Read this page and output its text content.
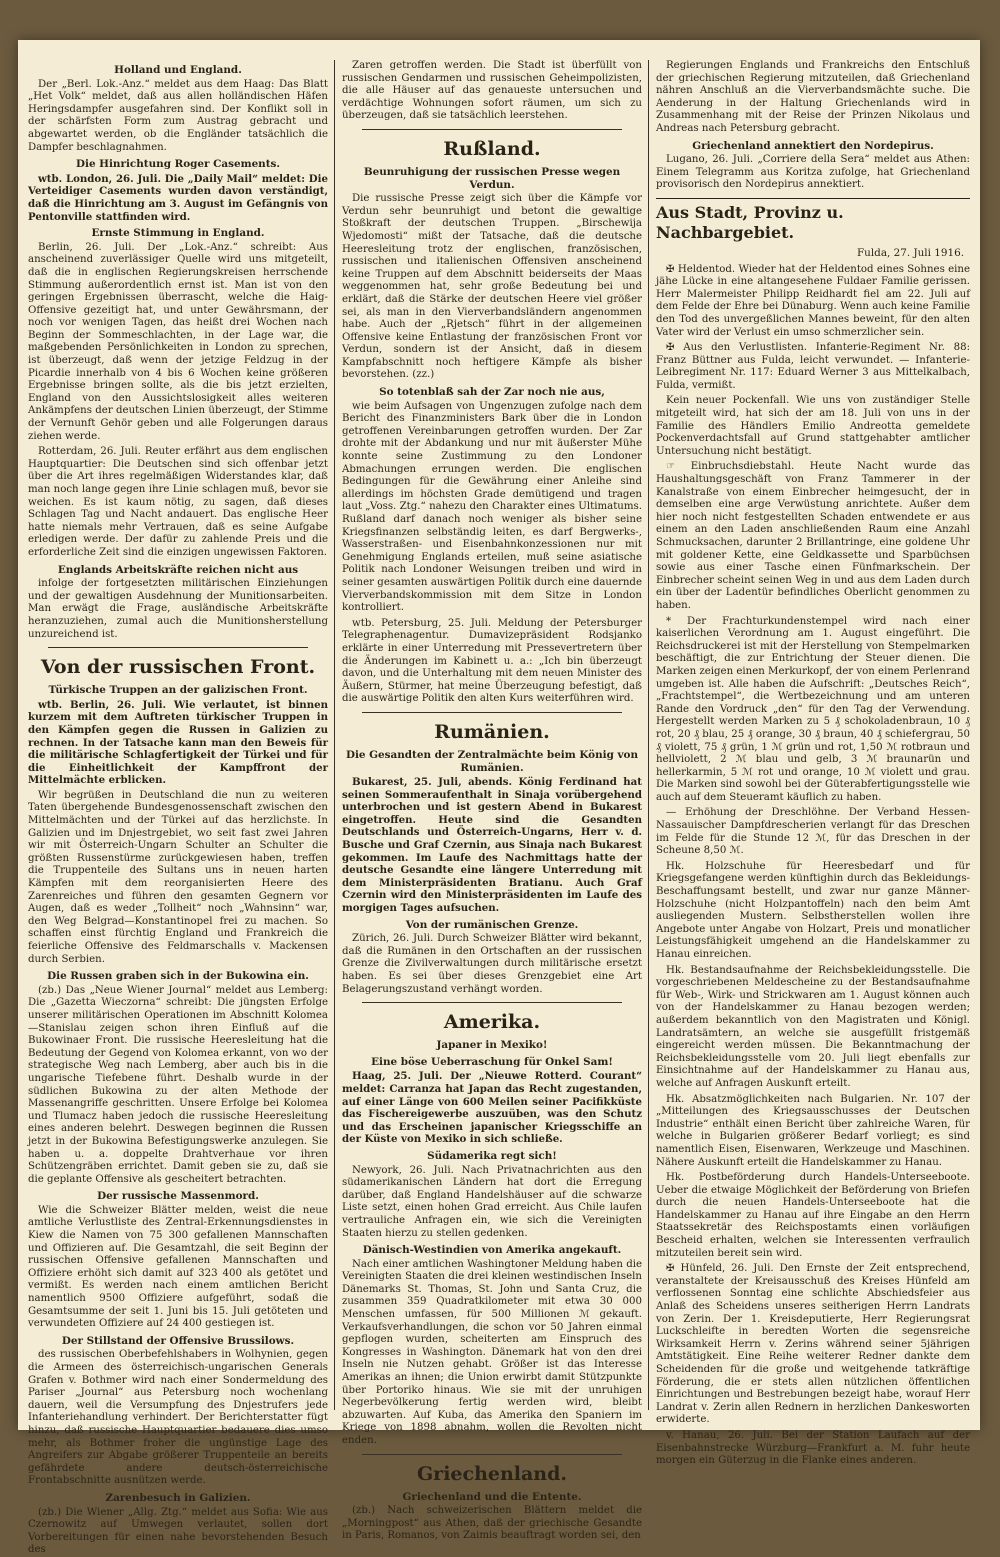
Holland und England.

Der „Berl. Lok.-Anz.“ meldet aus dem Haag: Das Blatt „Het Volk“ meldet, daß aus allen holländischen Häfen Heringsdampfer ausgefahren sind. Der Konflikt soll in der schärfsten Form zum Austrag gebracht und abgewartet werden, ob die Engländer tatsächlich die Dampfer beschlagnahmen.

Die Hinrichtung Roger Casements.

wtb. London, 26. Juli. Die „Daily Mail“ meldet: Die Verteidiger Casements wurden davon verständigt, daß die Hinrichtung am 3. August im Gefängnis von Pentonville stattfinden wird.

Ernste Stimmung in England.

Berlin, 26. Juli. Der „Lok.-Anz.“ schreibt: Aus anscheinend zuverlässiger Quelle wird uns mitgeteilt, daß die in englischen Regierungskreisen herrschende Stimmung außerordentlich ernst ist. Man ist von den geringen Ergebnissen überrascht, welche die Haig-Offensive gezeitigt hat, und unter Gewährsmann, der noch vor wenigen Tagen, das heißt drei Wochen nach Beginn der Sommeschlachten, in der Lage war, die maßgebenden Persönlichkeiten in London zu sprechen, ist überzeugt, daß wenn der jetzige Feldzug in der Picardie innerhalb von 4 bis 6 Wochen keine größeren Ergebnisse bringen sollte, als die bis jetzt erzielten, England von den Aussichtslosigkeit alles weiteren Ankämpfens der deutschen Linien überzeugt, der Stimme der Vernunft Gehör geben und alle Folgerungen daraus ziehen werde.

Rotterdam, 26. Juli. Reuter erfährt aus dem englischen Hauptquartier: Die Deutschen sind sich offenbar jetzt über die Art ihres regelmäßigen Widerstandes klar, daß man noch lange gegen ihre Linie schlagen muß, bevor sie weichen. Es ist kaum nötig, zu sagen, daß dieses Schlagen Tag und Nacht andauert. Das englische Heer hatte niemals mehr Vertrauen, daß es seine Aufgabe erledigen werde. Der dafür zu zahlende Preis und die erforderliche Zeit sind die einzigen ungewissen Faktoren.

Englands Arbeitskräfte reichen nicht aus

infolge der fortgesetzten militärischen Einziehungen und der gewaltigen Ausdehnung der Munitionsarbeiten. Man erwägt die Frage, ausländische Arbeitskräfte heranzuziehen, zumal auch die Munitionsherstellung unzureichend ist.

Von der russischen Front.
Türkische Truppen an der galizischen Front.

wtb. Berlin, 26. Juli. Wie verlautet, ist binnen kurzem mit dem Auftreten türkischer Truppen in den Kämpfen gegen die Russen in Galizien zu rechnen. In der Tatsache kann man den Beweis für die militärische Schlagfertigkeit der Türkei und für die Einheitlichkeit der Kampffront der Mittelmächte erblicken.

Wir begrüßen in Deutschland die nun zu weiteren Taten übergehende Bundesgenossenschaft zwischen den Mittelmächten und der Türkei auf das herzlichste. In Galizien und im Dnjestrgebiet, wo seit fast zwei Jahren wir mit Österreich-Ungarn Schulter an Schulter die größten Russenstürme zurückgewiesen haben, treffen die Truppenteile des Sultans uns in neuen harten Kämpfen mit dem reorganisierten Heere des Zarenreiches und führen den gesamten Gegnern vor Augen, daß es weder „Tollheit“ noch „Wahnsinn“ war, den Weg Belgrad—Konstantinopel frei zu machen. So schaffen einst fürchtig England und Frankreich die feierliche Offensive des Feldmarschalls v. Mackensen durch Serbien.

Die Russen graben sich in der Bukowina ein.

(zb.) Das „Neue Wiener Journal“ meldet aus Lemberg: Die „Gazetta Wieczorna“ schreibt: Die jüngsten Erfolge unserer militärischen Operationen im Abschnitt Kolomea—Stanislau zeigen schon ihren Einfluß auf die Bukowinaer Front. Die russische Heeresleitung hat die Bedeutung der Gegend von Kolomea erkannt, von wo der strategische Weg nach Lemberg, aber auch bis in die ungarische Tiefebene führt. Deshalb wurde in der südlichen Bukowina zu der alten Methode der Massenangriffe geschritten. Unsere Erfolge bei Kolomea und Tlumacz haben jedoch die russische Heeresleitung eines anderen belehrt. Deswegen beginnen die Russen jetzt in der Bukowina Befestigungswerke anzulegen. Sie haben u. a. doppelte Drahtverhaue vor ihren Schützengräben errichtet. Damit geben sie zu, daß sie die geplante Offensive als gescheitert betrachten.

Der russische Massenmord.

Wie die Schweizer Blätter melden, weist die neue amtliche Verlustliste des Zentral-Erkennungsdienstes in Kiew die Namen von 75 300 gefallenen Mannschaften und Offizieren auf. Die Gesamtzahl, die seit Beginn der russischen Offensive gefallenen Mannschaften und Offiziere erhöht sich damit auf 323 400 als getötet und vermißt. Es werden nach einem amtlichen Bericht namentlich 9500 Offiziere aufgeführt, sodaß die Gesamtsumme der seit 1. Juni bis 15. Juli getöteten und verwundeten Offiziere auf 24 400 gestiegen ist.

Der Stillstand der Offensive Brussilows.

des russischen Oberbefehlshabers in Wolhynien, gegen die Armeen des österreichisch-ungarischen Generals Grafen v. Bothmer wird nach einer Sondermeldung des Pariser „Journal“ aus Petersburg noch wochenlang dauern, weil die Versumpfung des Dnjestrufers jede Infanteriehandlung verhindert. Der Berichterstatter fügt hinzu, daß russische Hauptquartier bedauere dies umso mehr, als Bothmer froher die ungünstige Lage des Angreifers zur Abgabe größerer Truppenteile an bereits gefährdete andere deutsch-österreichische Frontabschnitte ausnützen werde.

Zarenbesuch in Galizien.

(zb.) Die Wiener „Allg. Ztg.“ meldet aus Sofia: Wie aus Czernowitz auf Umwegen verlautet, sollen dort Vorbereitungen für einen nahe bevorstehenden Besuch des

Zaren getroffen werden. Die Stadt ist überfüllt von russischen Gendarmen und russischen Geheimpolizisten, die alle Häuser auf das genaueste untersuchen und verdächtige Wohnungen sofort räumen, um sich zu überzeugen, daß sie tatsächlich leerstehen.

Rußland.
Beunruhigung der russischen Presse wegen Verdun.

Die russische Presse zeigt sich über die Kämpfe vor Verdun sehr beunruhigt und betont die gewaltige Stoßkraft der deutschen Truppen. „Birschewija Wjedomosti“ mißt der Tatsache, daß die deutsche Heeresleitung trotz der englischen, französischen, russischen und italienischen Offensiven anscheinend keine Truppen auf dem Abschnitt beiderseits der Maas weggenommen hat, sehr große Bedeutung bei und erklärt, daß die Stärke der deutschen Heere viel größer sei, als man in den Vierverbandsländern angenommen habe. Auch der „Rjetsch“ führt in der allgemeinen Offensive keine Entlastung der französischen Front vor Verdun, sondern ist der Ansicht, daß in diesem Kampfabschnitt noch heftigere Kämpfe als bisher bevorstehen. (zz.)

So totenblaß sah der Zar noch nie aus,

wie beim Aufsagen von Ungenzugen zufolge nach dem Bericht des Finanzministers Bark über die in London getroffenen Vereinbarungen getroffen wurden. Der Zar drohte mit der Abdankung und nur mit äußerster Mühe konnte seine Zustimmung zu den Londoner Abmachungen errungen werden. Die englischen Bedingungen für die Gewährung einer Anleihe sind allerdings im höchsten Grade demütigend und tragen laut „Voss. Ztg.“ nahezu den Charakter eines Ultimatums. Rußland darf danach noch weniger als bisher seine Kriegsfinanzen selbständig leiten, es darf Bergwerks-, Wasserstraßen- und Eisenbahnkonzessionen nur mit Genehmigung Englands erteilen, muß seine asiatische Politik nach Londoner Weisungen treiben und wird in seiner gesamten auswärtigen Politik durch eine dauernde Vierverbandskommission mit dem Sitze in London kontrolliert.

wtb. Petersburg, 25. Juli. Meldung der Petersburger Telegraphenagentur. Dumavizepräsident Rodsjanko erklärte in einer Unterredung mit Pressevertretern über die Änderungen im Kabinett u. a.: „Ich bin überzeugt davon, und die Unterhaltung mit dem neuen Minister des Äußern, Stürmer, hat meine Überzeugung befestigt, daß die auswärtige Politik den alten Kurs weiterführen wird.

Rumänien.
Die Gesandten der Zentralmächte beim König von Rumänien.

Bukarest, 25. Juli, abends. König Ferdinand hat seinen Sommeraufenthalt in Sinaja vorübergehend unterbrochen und ist gestern Abend in Bukarest eingetroffen. Heute sind die Gesandten Deutschlands und Österreich-Ungarns, Herr v. d. Busche und Graf Czernin, aus Sinaja nach Bukarest gekommen. Im Laufe des Nachmittags hatte der deutsche Gesandte eine längere Unterredung mit dem Ministerpräsidenten Bratianu. Auch Graf Czernin wird den Ministerpräsidenten im Laufe des morgigen Tages aufsuchen.

Von der rumänischen Grenze.

Zürich, 26. Juli. Durch Schweizer Blätter wird bekannt, daß die Rumänen in den Ortschaften an der russischen Grenze die Zivilverwaltungen durch militärische ersetzt haben. Es sei über dieses Grenzgebiet eine Art Belagerungszustand verhängt worden.

Amerika.
Japaner in Mexiko!
Eine böse Ueberraschung für Onkel Sam!

Haag, 25. Juli. Der „Nieuwe Rotterd. Courant“ meldet: Carranza hat Japan das Recht zugestanden, auf einer Länge von 600 Meilen seiner Pacifikküste das Fischereigewerbe auszuüben, was den Schutz und das Erscheinen japanischer Kriegsschiffe an der Küste von Mexiko in sich schließe.

Südamerika regt sich!

Newyork, 26. Juli. Nach Privatnachrichten aus den südamerikanischen Ländern hat dort die Erregung darüber, daß England Handelshäuser auf die schwarze Liste setzt, einen hohen Grad erreicht. Aus Chile laufen vertrauliche Anfragen ein, wie sich die Vereinigten Staaten hierzu zu stellen gedenken.

Dänisch-Westindien von Amerika angekauft.

Nach einer amtlichen Washingtoner Meldung haben die Vereinigten Staaten die drei kleinen westindischen Inseln Dänemarks St. Thomas, St. John und Santa Cruz, die zusammen 359 Quadratkilometer mit etwa 30 000 Menschen umfassen, für 500 Millionen ℳ gekauft. Verkaufsverhandlungen, die schon vor 50 Jahren einmal gepflogen wurden, scheiterten am Einspruch des Kongresses in Washington. Dänemark hat von den drei Inseln nie Nutzen gehabt. Größer ist das Interesse Amerikas an ihnen; die Union erwirbt damit Stützpunkte über Portoriko hinaus. Wie sie mit der unruhigen Negerbevölkerung fertig werden wird, bleibt abzuwarten. Auf Kuba, das Amerika den Spaniern im Kriege von 1898 abnahm, wollen die Revolten nicht enden.

Griechenland.
Griechenland und die Entente.

(zb.) Nach schweizerischen Blättern meldet die „Morningpost“ aus Athen, daß der griechische Gesandte in Paris, Romanos, von Zaimis beauftragt worden sei, den

Regierungen Englands und Frankreichs den Entschluß der griechischen Regierung mitzuteilen, daß Griechenland nähren Anschluß an die Vierverbandsmächte suche. Die Aenderung in der Haltung Griechenlands wird in Zusammenhang mit der Reise der Prinzen Nikolaus und Andreas nach Petersburg gebracht.

Griechenland annektiert den Nordepirus.

Lugano, 26. Juli. „Corriere della Sera“ meldet aus Athen: Einem Telegramm aus Koritza zufolge, hat Griechenland provisorisch den Nordepirus annektiert.

Aus Stadt, Provinz u. Nachbargebiet.
Fulda, 27. Juli 1916.

✠ Heldentod. Wieder hat der Heldentod eines Sohnes eine jähe Lücke in eine altangesehene Fuldaer Familie gerissen. Herr Malermeister Philipp Reidhardt fiel am 22. Juli auf dem Felde der Ehre bei Dünaburg. Wenn auch keine Familie den Tod des unvergeßlichen Mannes beweint, für den alten Vater wird der Verlust ein umso schmerzlicher sein.

✠ Aus den Verlustlisten. Infanterie-Regiment Nr. 88: Franz Büttner aus Fulda, leicht verwundet. — Infanterie-Leibregiment Nr. 117: Eduard Werner 3 aus Mittelkalbach, Fulda, vermißt.

Kein neuer Pockenfall. Wie uns von zuständiger Stelle mitgeteilt wird, hat sich der am 18. Juli von uns in der Familie des Händlers Emilio Andreotta gemeldete Pockenverdachtsfall auf Grund stattgehabter amtlicher Untersuchung nicht bestätigt.

☞ Einbruchsdiebstahl. Heute Nacht wurde das Haushaltungsgeschäft von Franz Tammerer in der Kanalstraße von einem Einbrecher heimgesucht, der in demselben eine arge Verwüstung anrichtete. Außer dem hier noch nicht festgestellten Schaden entwendete er aus einem an den Laden anschließenden Raum eine Anzahl Schmucksachen, darunter 2 Brillantringe, eine goldene Uhr mit goldener Kette, eine Geldkassette und Sparbüchsen sowie aus einer Tasche einen Fünfmarkschein. Der Einbrecher scheint seinen Weg in und aus dem Laden durch ein über der Ladentür befindliches Oberlicht genommen zu haben.

* Der Frachturkundenstempel wird nach einer kaiserlichen Verordnung am 1. August eingeführt. Die Reichsdruckerei ist mit der Herstellung von Stempelmarken beschäftigt, die zur Entrichtung der Steuer dienen. Die Marken zeigen einen Merkurkopf, der von einem Perlenrand umgeben ist. Alle haben die Aufschrift: „Deutsches Reich“, „Frachtstempel“, die Wertbezeichnung und am unteren Rande den Vordruck „den“ für den Tag der Verwendung. Hergestellt werden Marken zu 5 ₰ schokoladenbraun, 10 ₰ rot, 20 ₰ blau, 25 ₰ orange, 30 ₰ braun, 40 ₰ schiefergrau, 50 ₰ violett, 75 ₰ grün, 1 ℳ grün und rot, 1,50 ℳ rotbraun und hellviolett, 2 ℳ blau und gelb, 3 ℳ braunarün und hellerkarmin, 5 ℳ rot und orange, 10 ℳ violett und grau. Die Marken sind sowohl bei der Güterabfertigungsstelle wie auch auf dem Steueramt käuflich zu haben.

— Erhöhung der Dreschlöhne. Der Verband Hessen-Nassauischer Dampfdrescherien verlangt für das Dreschen im Felde für die Stunde 12 ℳ, für das Dreschen in der Scheune 8,50 ℳ.

Hk. Holzschuhe für Heeresbedarf und für Kriegsgefangene werden künftighin durch das Bekleidungs-Beschaffungsamt bestellt, und zwar nur ganze Männer-Holzschuhe (nicht Holzpantoffeln) nach den beim Amt ausliegenden Mustern. Selbstherstellen wollen ihre Angebote unter Angabe von Holzart, Preis und monatlicher Leistungsfähigkeit umgehend an die Handelskammer zu Hanau einreichen.

Hk. Bestandsaufnahme der Reichsbekleidungsstelle. Die vorgeschriebenen Meldescheine zu der Bestandsaufnahme für Web-, Wirk- und Strickwaren am 1. August können auch von der Handelskammer zu Hanau bezogen werden; außerdem bekanntlich von den Magistraten und Königl. Landratsämtern, an welche sie ausgefüllt fristgemäß eingereicht werden müssen. Die Bekanntmachung der Reichsbekleidungsstelle vom 20. Juli liegt ebenfalls zur Einsichtnahme auf der Handelskammer zu Hanau aus, welche auf Anfragen Auskunft erteilt.

Hk. Absatzmöglichkeiten nach Bulgarien. Nr. 107 der „Mitteilungen des Kriegsausschusses der Deutschen Industrie“ enthält einen Bericht über zahlreiche Waren, für welche in Bulgarien größerer Bedarf vorliegt; es sind namentlich Eisen, Eisenwaren, Werkzeuge und Maschinen. Nähere Auskunft erteilt die Handelskammer zu Hanau.

Hk. Postbeförderung durch Handels-Unterseeboote. Ueber die etwaige Möglichkeit der Beförderung von Briefen durch die neuen Handels-Unterseeboote hat die Handelskammer zu Hanau auf ihre Eingabe an den Herrn Staatssekretär des Reichspostamts einen vorläufigen Bescheid erhalten, welchen sie Interessenten verfraulich mitzuteilen bereit sein wird.

✠ Hünfeld, 26. Juli. Den Ernste der Zeit entsprechend, veranstaltete der Kreisausschuß des Kreises Hünfeld am verflossenen Sonntag eine schlichte Abschiedsfeier aus Anlaß des Scheidens unseres seitherigen Herrn Landrats von Zerin. Der 1. Kreisdeputierte, Herr Regierungsrat Luckschleifte in beredten Worten die segensreiche Wirksamkeit Herrn v. Zerins während seiner 5jährigen Amtstätigkeit. Eine Reihe weiterer Redner dankte dem Scheidenden für die große und weitgehende tatkräftige Förderung, die er stets allen nützlichen öffentlichen Einrichtungen und Bestrebungen bezeigt habe, worauf Herr Landrat v. Zerin allen Rednern in herzlichen Dankesworten erwiderte.

v. Hanau, 26. Juli. Bei der Station Laufach auf der Eisenbahnstrecke Würzburg—Frankfurt a. M. fuhr heute morgen ein Güterzug in die Flanke eines anderen.
